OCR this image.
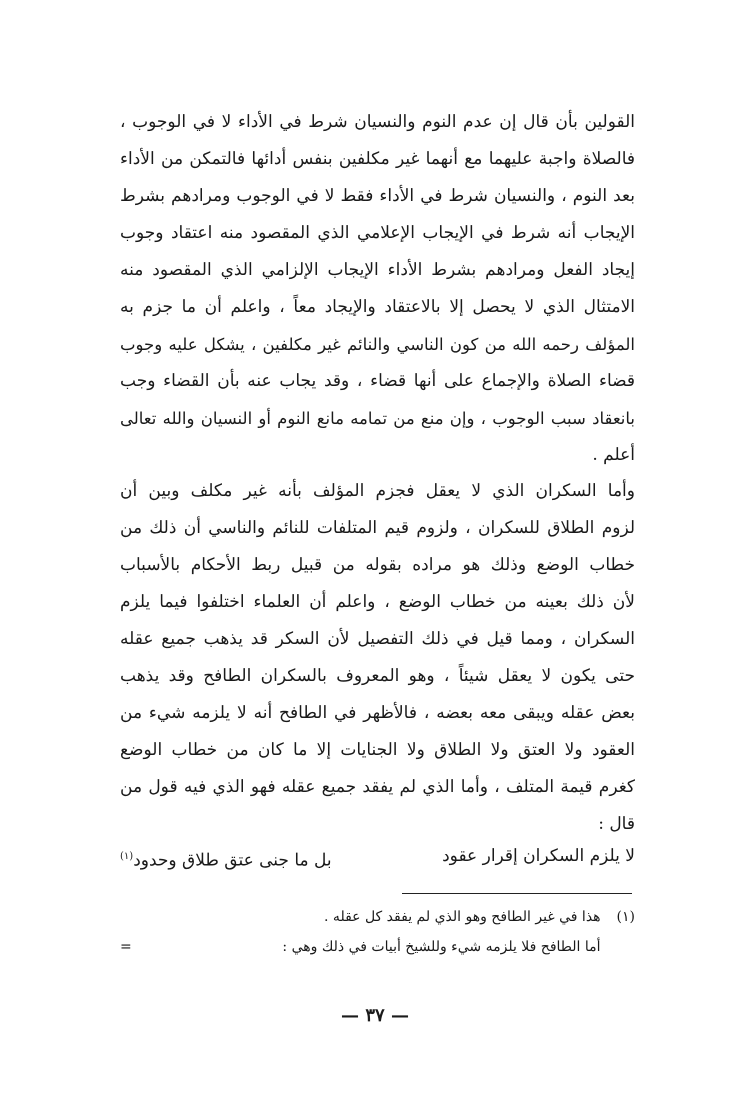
القولين بأن قال إن عدم النوم والنسيان شرط في الأداء لا في الوجوب ،
فالصلاة واجبة عليهما مع أنهما غير مكلفين بنفس أدائها فالتمكن من الأداء
بعد النوم ، والنسيان شرط في الأداء فقط لا في الوجوب ومرادهم بشرط
الإيجاب أنه شرط في الإيجاب الإعلامي الذي المقصود منه اعتقاد وجوب
إيجاد الفعل ومرادهم بشرط الأداء الإيجاب الإلزامي الذي المقصود منه
الامتثال الذي لا يحصل إلا بالاعتقاد والإيجاد معاً ، واعلم أن ما جزم به
المؤلف رحمه الله من كون الناسي والنائم غير مكلفين ، يشكل عليه وجوب
قضاء الصلاة والإجماع على أنها قضاء ، وقد يجاب عنه بأن القضاء وجب
بانعقاد سبب الوجوب ، وإن منع من تمامه مانع النوم أو النسيان والله تعالى
أعلم .
وأما السكران الذي لا يعقل فجزم المؤلف بأنه غير مكلف وبين أن
لزوم الطلاق للسكران ، ولزوم قيم المتلفات للنائم والناسي أن ذلك من
خطاب الوضع وذلك هو مراده بقوله من قبيل ربط الأحكام بالأسباب
لأن ذلك بعينه من خطاب الوضع ، واعلم أن العلماء اختلفوا فيما يلزم
السكران ، ومما قيل في ذلك التفصيل لأن السكر قد يذهب جميع عقله
حتى يكون لا يعقل شيئاً ، وهو المعروف بالسكران الطافح وقد يذهب
بعض عقله ويبقى معه بعضه ، فالأظهر في الطافح أنه لا يلزمه شيء من
العقود ولا العتق ولا الطلاق ولا الجنايات إلا ما كان من خطاب الوضع
كغرم قيمة المتلف ، وأما الذي لم يفقد جميع عقله فهو الذي فيه قول من
قال :
لا يلزم السكران إقرار عقود
بل ما جنى عتق طلاق وحدود$^{(١)}$
(١) هذا في غير الطافح وهو الذي لم يفقد كل عقله .
أما الطافح فلا يلزمه شيء وللشيخ أبيات في ذلك وهي :
=
— ٣٧ —
